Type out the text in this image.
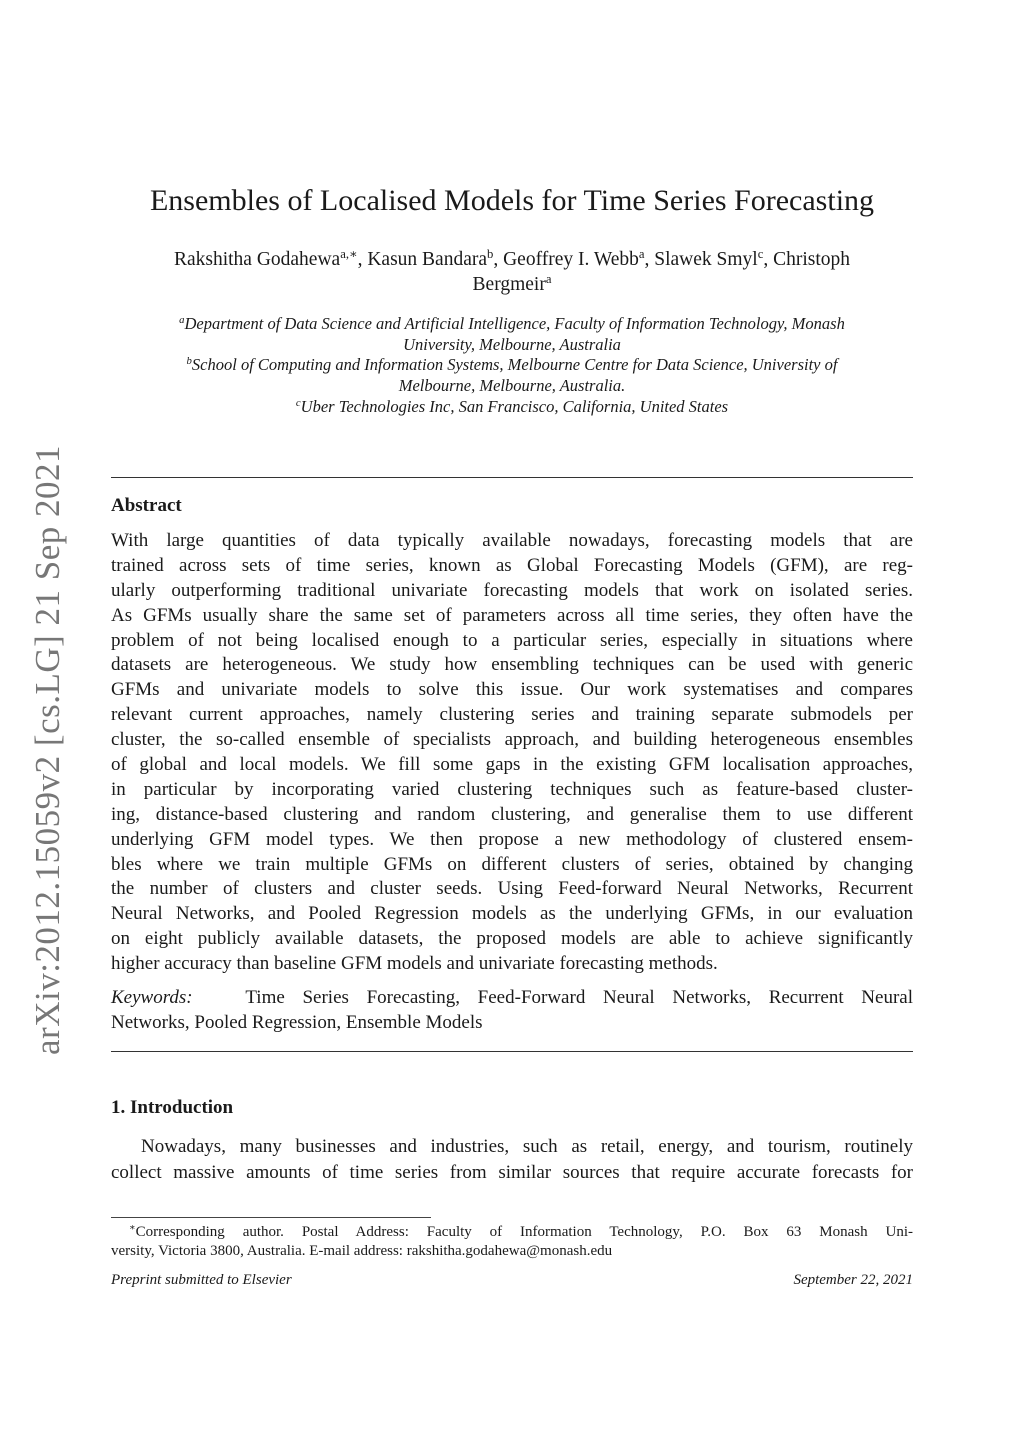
arXiv:2012.15059v2 [cs.LG] 21 Sep 2021
Ensembles of Localised Models for Time Series Forecasting
Rakshitha Godahewa$^{a,∗}$, Kasun Bandara$^b$, Geoffrey I. Webb$^a$, Slawek Smyl$^c$, Christoph
Bergmeir$^a$
$^a$Department of Data Science and Artificial Intelligence, Faculty of Information Technology, Monash
University, Melbourne, Australia
$^b$School of Computing and Information Systems, Melbourne Centre for Data Science, University of
Melbourne, Melbourne, Australia.
$^c$Uber Technologies Inc, San Francisco, California, United States
Abstract
With large quantities of data typically available nowadays, forecasting models that are
trained across sets of time series, known as Global Forecasting Models (GFM), are reg-
ularly outperforming traditional univariate forecasting models that work on isolated series.
As GFMs usually share the same set of parameters across all time series, they often have the
problem of not being localised enough to a particular series, especially in situations where
datasets are heterogeneous. We study how ensembling techniques can be used with generic
GFMs and univariate models to solve this issue. Our work systematises and compares
relevant current approaches, namely clustering series and training separate submodels per
cluster, the so-called ensemble of specialists approach, and building heterogeneous ensembles
of global and local models. We fill some gaps in the existing GFM localisation approaches,
in particular by incorporating varied clustering techniques such as feature-based cluster-
ing, distance-based clustering and random clustering, and generalise them to use different
underlying GFM model types. We then propose a new methodology of clustered ensem-
bles where we train multiple GFMs on different clusters of series, obtained by changing
the number of clusters and cluster seeds. Using Feed-forward Neural Networks, Recurrent
Neural Networks, and Pooled Regression models as the underlying GFMs, in our evaluation
on eight publicly available datasets, the proposed models are able to achieve significantly
higher accuracy than baseline GFM models and univariate forecasting methods.
Keywords:	Time Series Forecasting, Feed-Forward Neural Networks, Recurrent Neural
Networks, Pooled Regression, Ensemble Models
1. Introduction
Nowadays, many businesses and industries, such as retail, energy, and tourism, routinely
collect massive amounts of time series from similar sources that require accurate forecasts for
∗Corresponding author. Postal Address: Faculty of Information Technology, P.O. Box 63 Monash Uni-
versity, Victoria 3800, Australia. E-mail address: rakshitha.godahewa@monash.edu
Preprint submitted to Elsevier	September 22, 2021
